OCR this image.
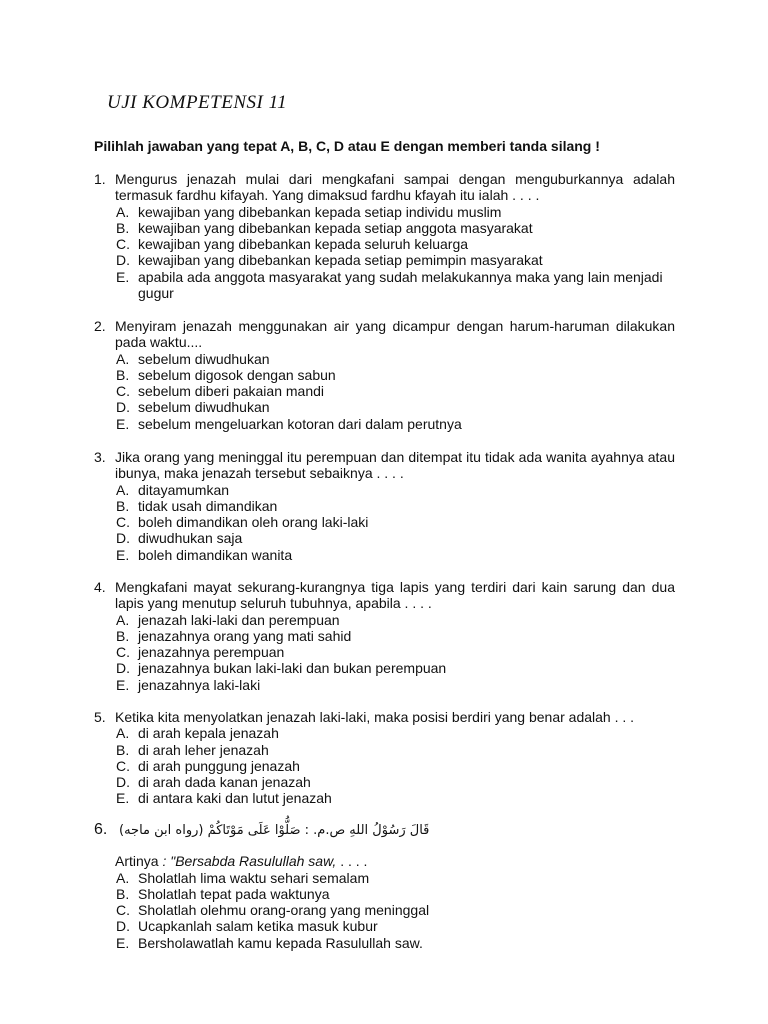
UJI KOMPETENSI 11
Pilihlah jawaban yang tepat A, B, C, D atau E dengan memberi tanda silang !
1. Mengurus jenazah mulai dari mengkafani sampai dengan menguburkannya adalah termasuk fardhu kifayah. Yang dimaksud fardhu kfayah itu ialah . . . .
A. kewajiban yang dibebankan kepada setiap individu muslim
B. kewajiban yang dibebankan kepada setiap anggota masyarakat
C. kewajiban yang dibebankan kepada seluruh keluarga
D. kewajiban yang dibebankan kepada setiap pemimpin masyarakat
E. apabila ada anggota masyarakat yang sudah melakukannya maka yang lain menjadi gugur
2. Menyiram jenazah menggunakan air yang dicampur dengan harum-haruman dilakukan pada waktu....
A. sebelum diwudhukan
B. sebelum digosok dengan sabun
C. sebelum diberi pakaian mandi
D. sebelum diwudhukan
E. sebelum mengeluarkan kotoran dari dalam perutnya
3. Jika orang yang meninggal itu perempuan dan ditempat itu tidak ada wanita ayahnya atau ibunya, maka jenazah tersebut sebaiknya . . . .
A. ditayamumkan
B. tidak usah dimandikan
C. boleh dimandikan oleh orang laki-laki
D. diwudhukan saja
E. boleh dimandikan wanita
4. Mengkafani mayat sekurang-kurangnya tiga lapis yang terdiri dari kain sarung dan dua lapis yang menutup seluruh tubuhnya, apabila . . . .
A. jenazah laki-laki dan perempuan
B. jenazahnya orang yang mati sahid
C. jenazahnya perempuan
D. jenazahnya bukan laki-laki dan bukan perempuan
E. jenazahnya laki-laki
5. Ketika kita menyolatkan jenazah laki-laki, maka posisi berdiri yang benar adalah . . .
A. di arah kepala jenazah
B. di arah leher jenazah
C. di arah punggung jenazah
D. di arah dada kanan jenazah
E. di antara kaki dan lutut jenazah
6. قَالَ رَسُوْلُ اللهِ ص.م. : صَلُّوْا عَلَى مَوْتَاكُمْ (رواه ابن ماجه)
Artinya : "Bersabda Rasulullah saw, . . . .
A. Sholatlah lima waktu sehari semalam
B. Sholatlah tepat pada waktunya
C. Sholatlah olehmu orang-orang yang meninggal
D. Ucapkanlah salam ketika masuk kubur
E. Bersholawatlah kamu kepada Rasulullah saw.
